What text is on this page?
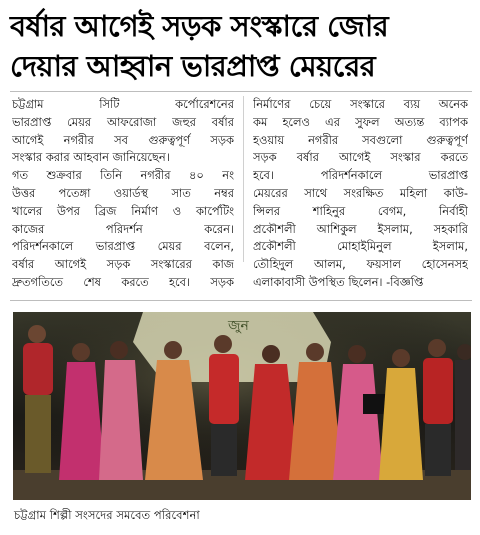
বর্ষার আগেই সড়ক সংস্কারে জোর
দেয়ার আহ্বান ভারপ্রাপ্ত মেয়রের
চট্টগ্রাম সিটি কর্পোরেশনের
ভারপ্রাপ্ত মেয়র আফরোজা জহুর বর্ষার
আগেই নগরীর সব গুরুত্বপূর্ণ সড়ক
সংস্কার করার আহবান জানিয়েছেন।
গত শুক্রবার তিনি নগরীর ৪০ নং
উত্তর পতেঙ্গা ওয়ার্ডস্থ সাত নম্বর
খালের উপর ব্রিজ নির্মাণ ও কার্পেটিং
কাজের পরিদর্শন করেন।
পরিদর্শনকালে ভারপ্রাপ্ত মেয়র বলেন,
বর্ষার আগেই সড়ক সংস্কারের কাজ
দ্রুতগতিতে শেষ করতে হবে। সড়ক
নির্মাণের চেয়ে সংস্কারে ব্যয় অনেক
কম হলেও এর সুফল অত্যন্ত ব্যাপক
হওয়ায় নগরীর সবগুলো গুরুত্বপূর্ণ
সড়ক বর্ষার আগেই সংস্কার করতে
হবে। পরিদর্শনকালে ভারপ্রাপ্ত
মেয়রের সাথে সংরক্ষিত মহিলা কাউ-
ন্সিলর শাহিনুর বেগম, নির্বাহী
প্রকৌশলী আশিকুল ইসলাম, সহকারি
প্রকৌশলী মোহাইমিনুল ইসলাম,
তৌহিদুল আলম, ফয়সাল হোসেনসহ
এলাকাবাসী উপস্থিত ছিলেন। -বিজ্ঞপ্তি
জুন
চট্টগ্রাম শিল্পী সংসদের সমবেত পরিবেশনা
